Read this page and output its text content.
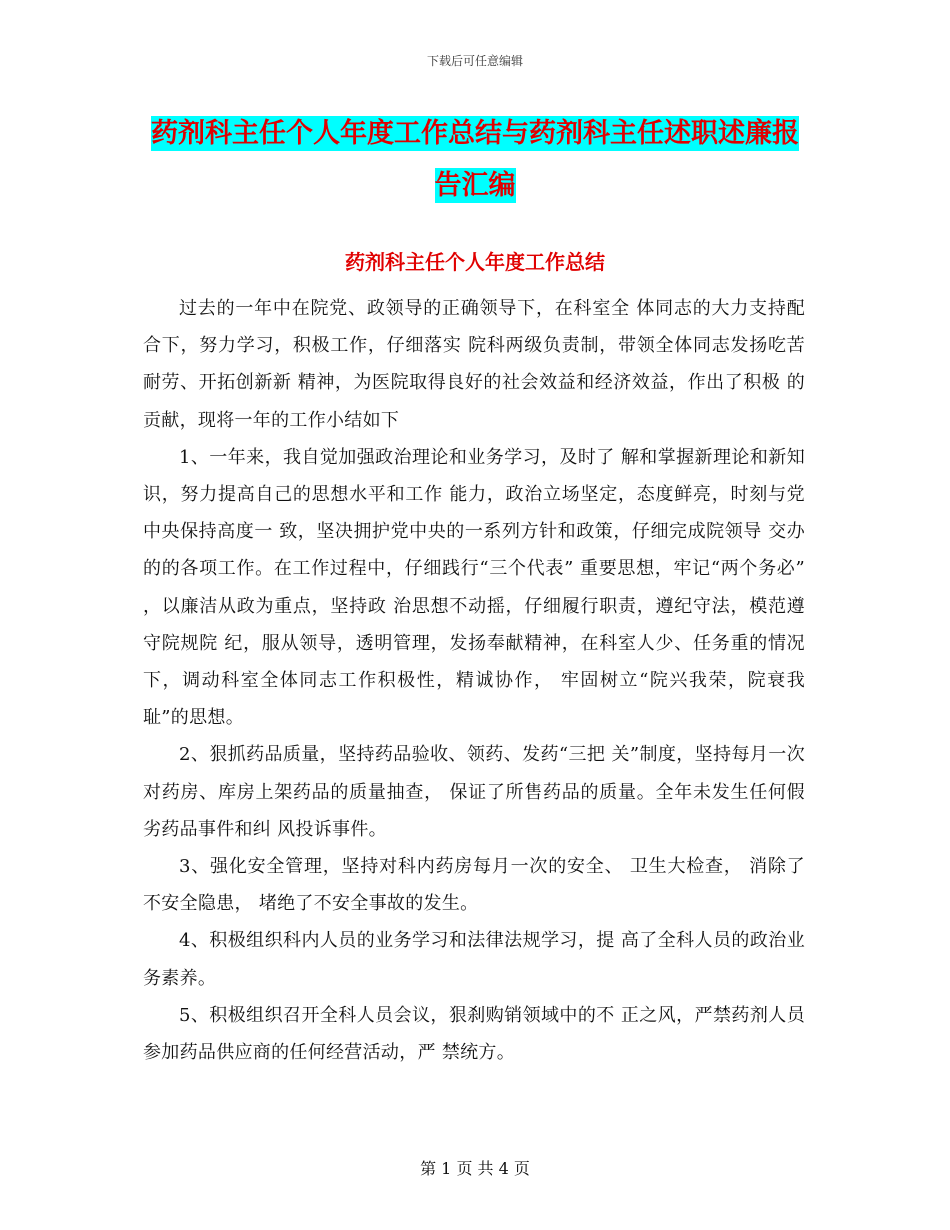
下载后可任意编辑
药剂科主任个人年度工作总结与药剂科主任述职述廉报告汇编
药剂科主任个人年度工作总结

过去的一年中在院党、政领导的正确领导下，在科室全 体同志的大力支持配合下，努力学习，积极工作，仔细落实 院科两级负责制，带领全体同志发扬吃苦耐劳、开拓创新新 精神，为医院取得良好的社会效益和经济效益，作出了积极 的贡献，现将一年的工作小结如下

1、一年来，我自觉加强政治理论和业务学习，及时了 解和掌握新理论和新知识，努力提高自己的思想水平和工作 能力，政治立场坚定，态度鲜亮，时刻与党中央保持高度一 致，坚决拥护党中央的一系列方针和政策，仔细完成院领导 交办的的各项工作。在工作过程中，仔细践行“三个代表” 重要思想，牢记“两个务必” ，以廉洁从政为重点，坚持政 治思想不动摇，仔细履行职责，遵纪守法，模范遵守院规院 纪，服从领导，透明管理，发扬奉献精神，在科室人少、任务重的情况下，调动科室全体同志工作积极性，精诚协作， 牢固树立“院兴我荣，院衰我耻”的思想。

2、狠抓药品质量，坚持药品验收、领药、发药“三把 关”制度，坚持每月一次对药房、库房上架药品的质量抽查， 保证了所售药品的质量。全年未发生任何假劣药品事件和纠 风投诉事件。

3、强化安全管理，坚持对科内药房每月一次的安全、 卫生大检查， 消除了不安全隐患， 堵绝了不安全事故的发生。

4、积极组织科内人员的业务学习和法律法规学习，提 高了全科人员的政治业务素养。

5、积极组织召开全科人员会议，狠刹购销领域中的不 正之风，严禁药剂人员参加药品供应商的任何经营活动，严 禁统方。

第 1 页 共 4 页
